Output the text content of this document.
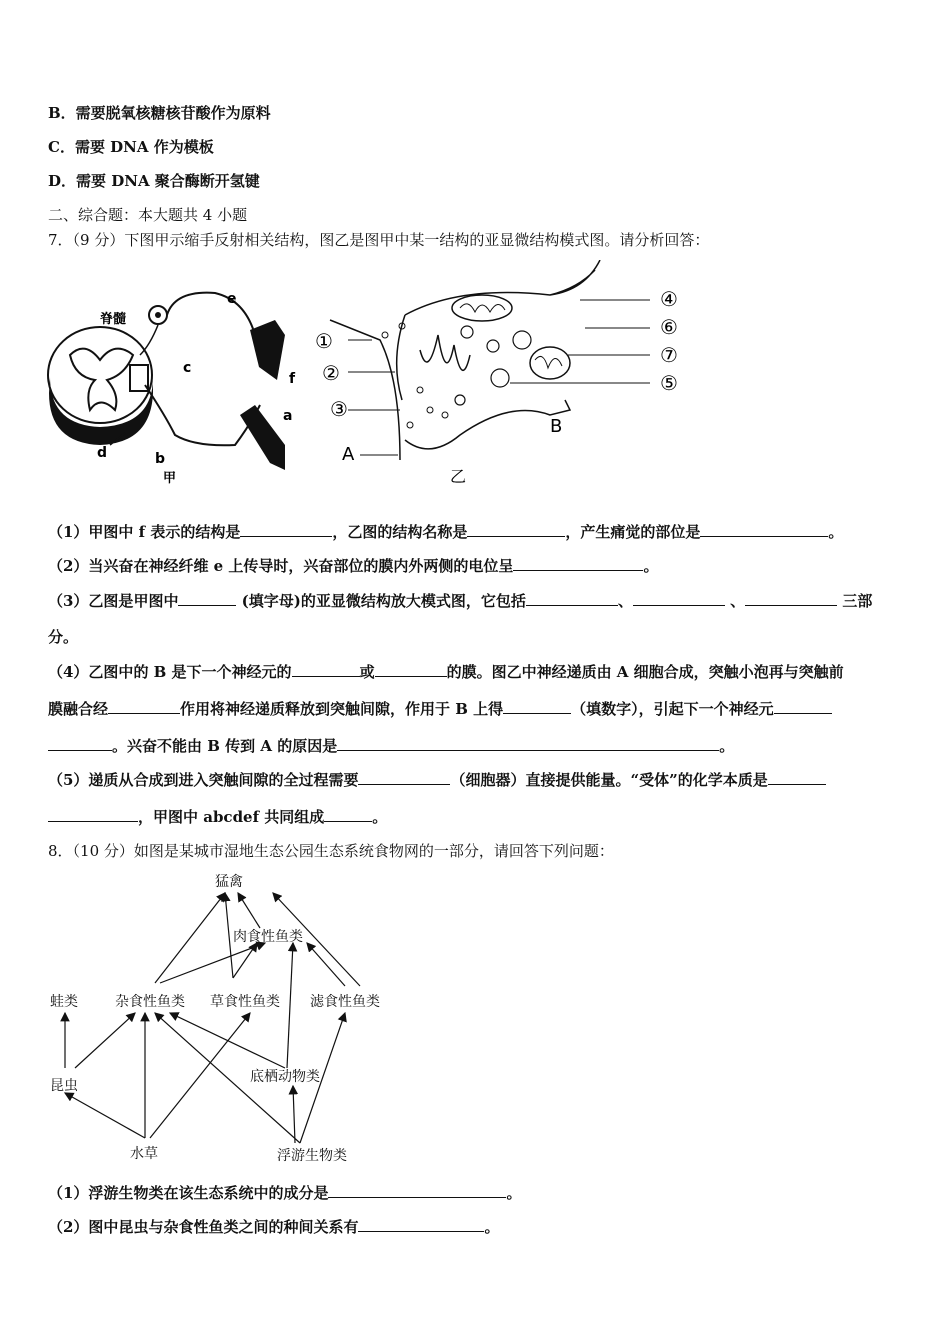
B．需要脱氧核糖核苷酸作为原料
C．需要 DNA 作为模板
D．需要 DNA 聚合酶断开氢键
二、综合题：本大题共 4 小题
7．（9 分）下图甲示缩手反射相关结构，图乙是图甲中某一结构的亚显微结构模式图。请分析回答：
脊髓
e
c
f
a
d	b
甲
①
②
③
A
④
⑥
⑦
⑤
B
乙
（1）甲图中 f 表示的结构是	，乙图的结构名称是	，产生痛觉的部位是	。
（2）当兴奋在神经纤维 e 上传导时，兴奋部位的膜内外两侧的电位呈	。
（3）乙图是甲图中	(填字母)的亚显微结构放大模式图，它包括	、	、	三部
分。
（4）乙图中的 B 是下一个神经元的	或	的膜。图乙中神经递质由 A 细胞合成，突触小泡再与突触前
膜融合经	作用将神经递质释放到突触间隙，作用于 B 上得	（填数字），引起下一个神经元
。兴奋不能由 B 传到 A 的原因是	。
（5）递质从合成到进入突触间隙的全过程需要	（细胞器）直接提供能量。“受体”的化学本质是
，甲图中 abcdef 共同组成	。
8．（10 分）如图是某城市湿地生态公园生态系统食物网的一部分，请回答下列问题：
猛禽
肉食性鱼类
蛙类	杂食性鱼类 草食性鱼类 滤食性鱼类
昆虫
底栖动物类
水草	浮游生物类
（1）浮游生物类在该生态系统中的成分是	。
（2）图中昆虫与杂食性鱼类之间的种间关系有	。
